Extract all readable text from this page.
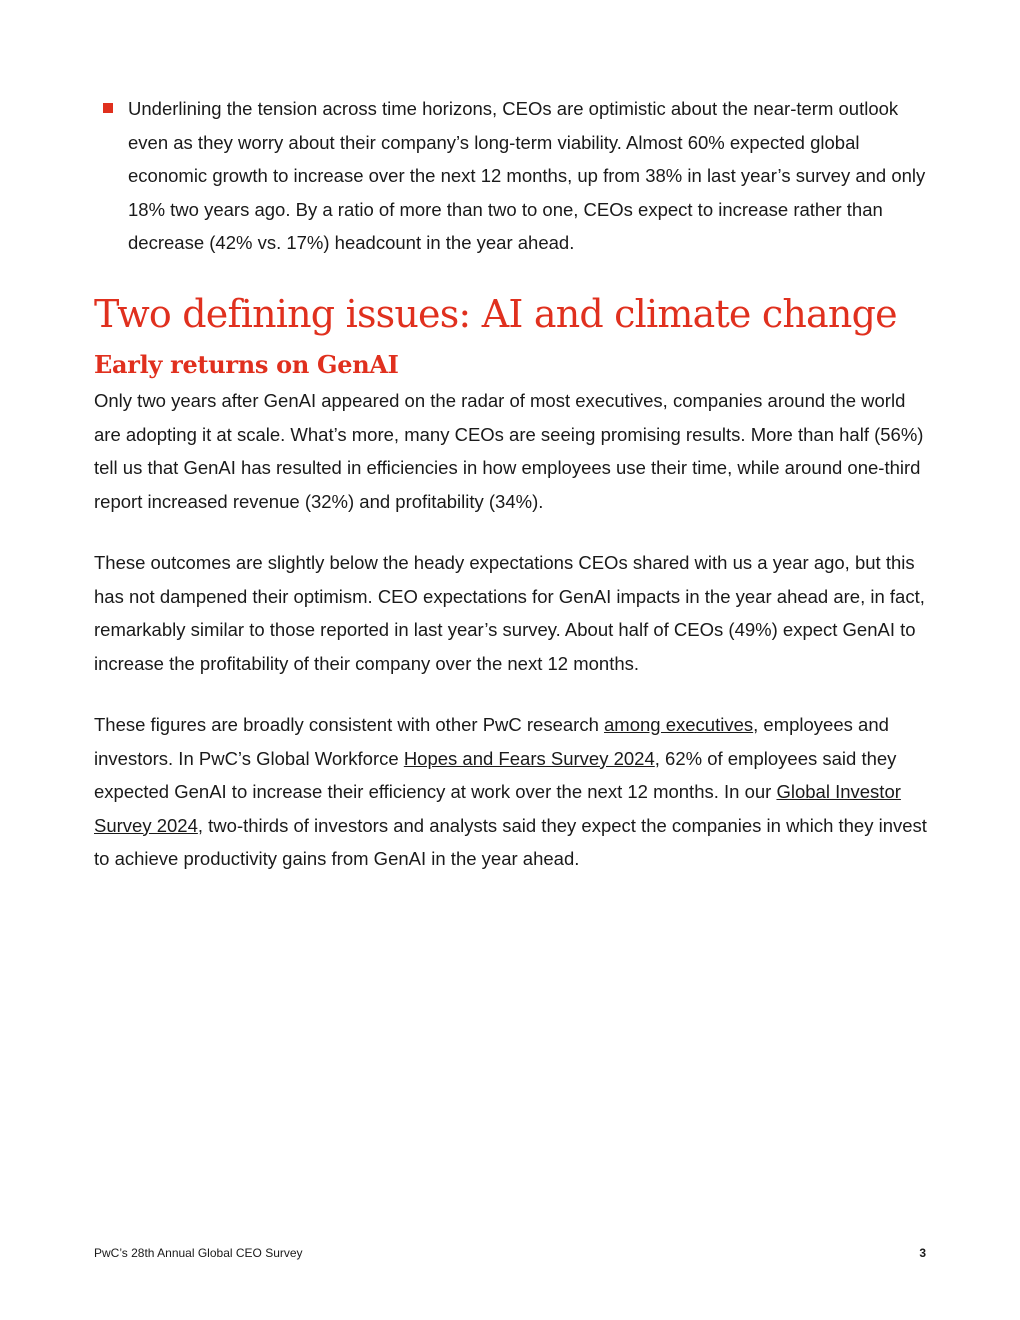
Underlining the tension across time horizons, CEOs are optimistic about the near-term outlook even as they worry about their company’s long-term viability. Almost 60% expected global economic growth to increase over the next 12 months, up from 38% in last year’s survey and only 18% two years ago. By a ratio of more than two to one, CEOs expect to increase rather than decrease (42% vs. 17%) headcount in the year ahead.
Two defining issues: AI and climate change
Early returns on GenAI

Only two years after GenAI appeared on the radar of most executives, companies around the world are adopting it at scale. What’s more, many CEOs are seeing promising results. More than half (56%) tell us that GenAI has resulted in efficiencies in how employees use their time, while around one-third report increased revenue (32%) and profitability (34%).

These outcomes are slightly below the heady expectations CEOs shared with us a year ago, but this has not dampened their optimism. CEO expectations for GenAI impacts in the year ahead are, in fact, remarkably similar to those reported in last year’s survey. About half of CEOs (49%) expect GenAI to increase the profitability of their company over the next 12 months.

These figures are broadly consistent with other PwC research among executives, employees and investors. In PwC’s Global Workforce Hopes and Fears Survey 2024, 62% of employees said they expected GenAI to increase their efficiency at work over the next 12 months. In our Global Investor Survey 2024, two-thirds of investors and analysts said they expect the companies in which they invest to achieve productivity gains from GenAI in the year ahead.

PwC’s 28th Annual Global CEO Survey	3
